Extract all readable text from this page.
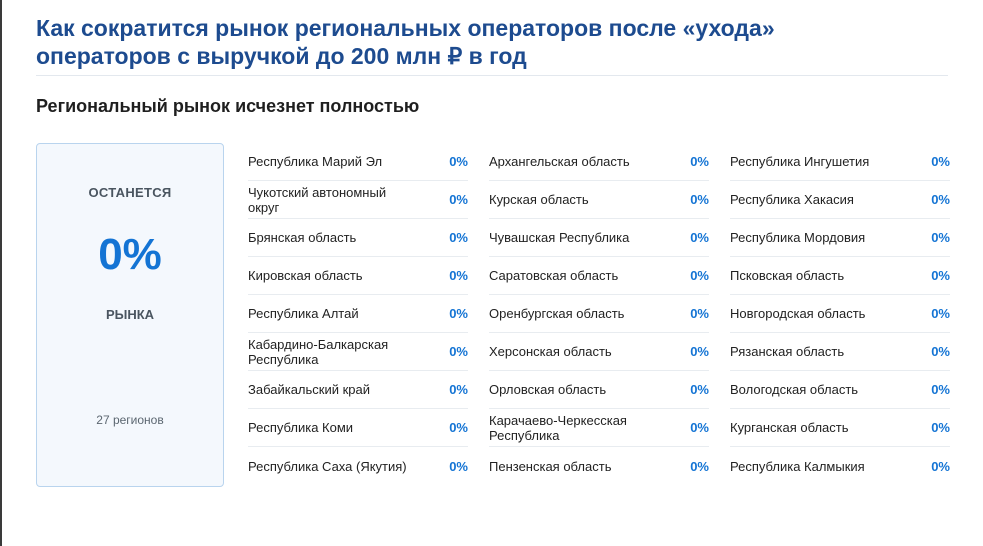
Как сократится рынок региональных операторов после «ухода»
операторов с выручкой до 200 млн ₽ в год
Региональный рынок исчезнет полностью
ОСТАНЕТСЯ
0%
РЫНКА
27 регионов
Республика Марий Эл	0%
Чукотский автономный округ	0%
Брянская область	0%
Кировская область	0%
Республика Алтай	0%
Кабардино-Балкарская Республика	0%
Забайкальский край	0%
Республика Коми	0%
Республика Саха (Якутия)	0%
Архангельская область	0%
Курская область	0%
Чувашская Республика	0%
Саратовская область	0%
Оренбургская область	0%
Херсонская область	0%
Орловская область	0%
Карачаево-Черкесская Республика	0%
Пензенская область	0%
Республика Ингушетия	0%
Республика Хакасия	0%
Республика Мордовия	0%
Псковская область	0%
Новгородская область	0%
Рязанская область	0%
Вологодская область	0%
Курганская область	0%
Республика Калмыкия	0%
